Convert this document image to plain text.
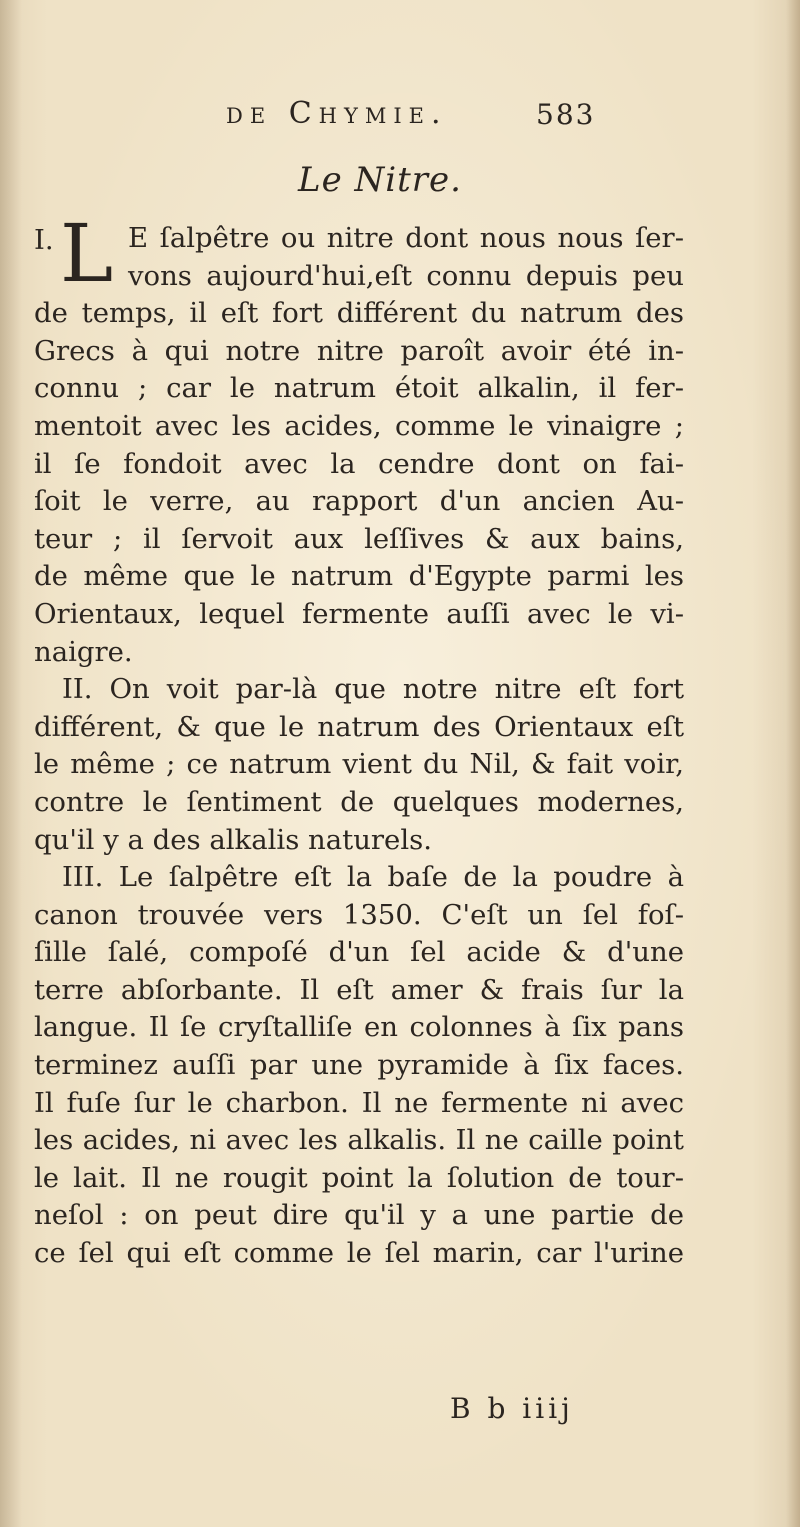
de Chymie.	583
Le Nitre.
I. L E ſalpêtre ou nitre dont nous nous ſer-
vons aujourd'hui,eſt connu depuis peu
de temps, il eſt fort différent du natrum des
Grecs à qui notre nitre paroît avoir été in-
connu ; car le natrum étoit alkalin, il fer-
mentoit avec les acides, comme le vinaigre ;
il ſe fondoit avec la cendre dont on fai-
ſoit le verre, au rapport d'un ancien Au-
teur ; il ſervoit aux leſſives & aux bains,
de même que le natrum d'Egypte parmi les
Orientaux, lequel fermente auſſi avec le vi-
naigre.
II. On voit par-là que notre nitre eſt fort
différent, & que le natrum des Orientaux eſt
le même ; ce natrum vient du Nil, & fait voir,
contre le ſentiment de quelques modernes,
qu'il y a des alkalis naturels.
III. Le ſalpêtre eſt la baſe de la poudre à
canon trouvée vers 1350. C'eſt un ſel foſ-
ſille ſalé, compoſé d'un ſel acide & d'une
terre abſorbante. Il eſt amer & frais ſur la
langue. Il ſe cryſtalliſe en colonnes à ſix pans
terminez auſſi par une pyramide à ſix faces.
Il fuſe ſur le charbon. Il ne fermente ni avec
les acides, ni avec les alkalis. Il ne caille point
le lait. Il ne rougit point la ſolution de tour-
neſol : on peut dire qu'il y a une partie de
ce ſel qui eſt comme le ſel marin, car l'urine
B b iiij
